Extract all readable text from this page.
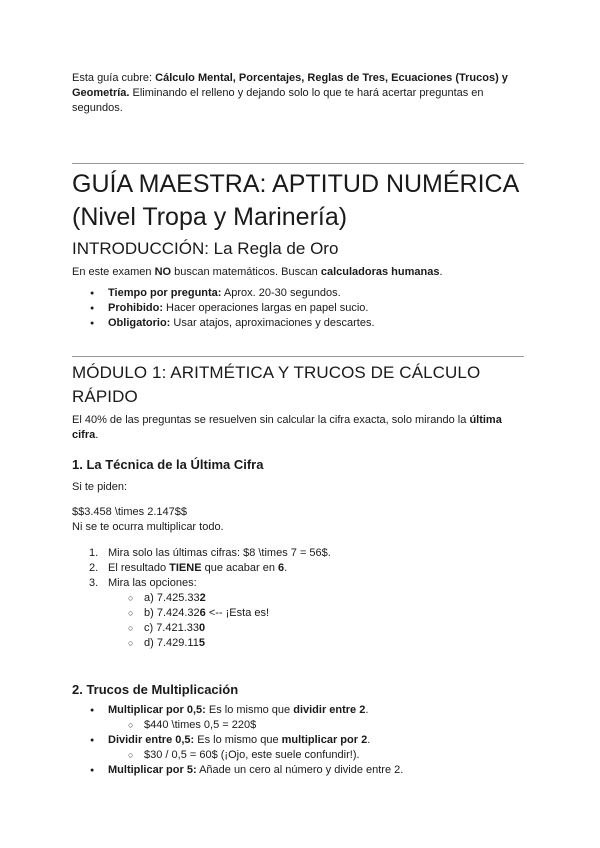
Esta guía cubre: Cálculo Mental, Porcentajes, Reglas de Tres, Ecuaciones (Trucos) y Geometría. Eliminando el relleno y dejando solo lo que te hará acertar preguntas en segundos.
GUÍA MAESTRA: APTITUD NUMÉRICA
(Nivel Tropa y Marinería)
INTRODUCCIÓN: La Regla de Oro
En este examen NO buscan matemáticos. Buscan calculadoras humanas.
● Tiempo por pregunta: Aprox. 20-30 segundos.
● Prohibido: Hacer operaciones largas en papel sucio.
● Obligatorio: Usar atajos, aproximaciones y descartes.
MÓDULO 1: ARITMÉTICA Y TRUCOS DE CÁLCULO RÁPIDO
El 40% de las preguntas se resuelven sin calcular la cifra exacta, solo mirando la última cifra.
1. La Técnica de la Última Cifra
Si te piden:
$$3.458 \times 2.147$$
Ni se te ocurra multiplicar todo.
1. Mira solo las últimas cifras: $8 \times 7 = 56$.
2. El resultado TIENE que acabar en 6.
3. Mira las opciones:
○ a) 7.425.332
○ b) 7.424.326 <-- ¡Esta es!
○ c) 7.421.330
○ d) 7.429.115
2. Trucos de Multiplicación
● Multiplicar por 0,5: Es lo mismo que dividir entre 2.
○ $440 \times 0,5 = 220$
● Dividir entre 0,5: Es lo mismo que multiplicar por 2.
○ $30 / 0,5 = 60$ (¡Ojo, este suele confundir!).
● Multiplicar por 5: Añade un cero al número y divide entre 2.
